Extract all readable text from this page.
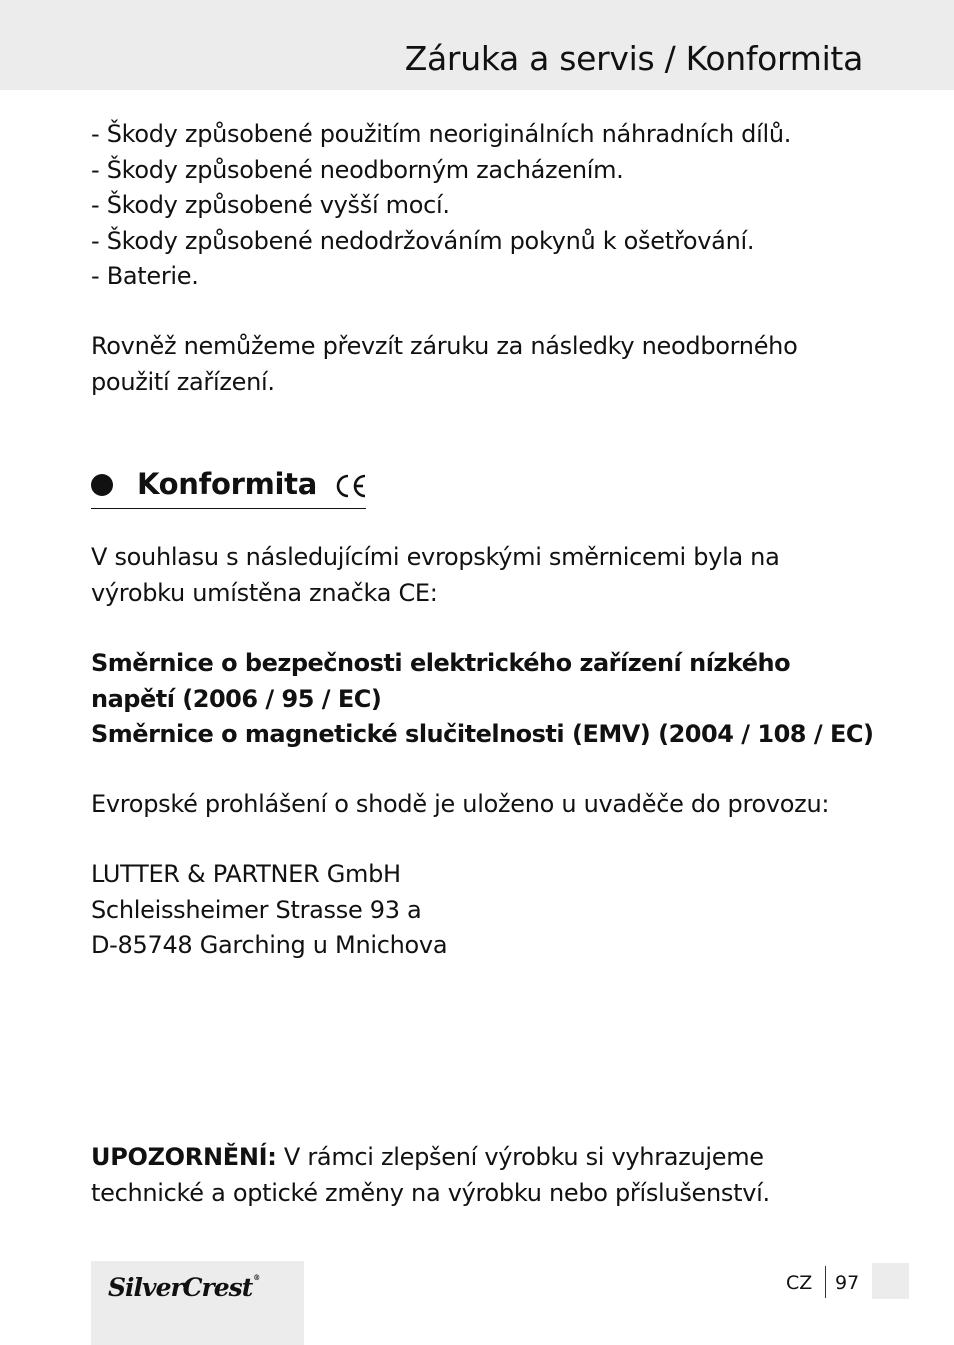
Záruka a servis / Konformita
- Škody způsobené použitím neoriginálních náhradních dílů.
- Škody způsobené neodborným zacházením.
- Škody způsobené vyšší mocí.
- Škody způsobené nedodržováním pokynů k ošetřování.
- Baterie.
Rovněž nemůžeme převzít záruku za následky neodborného použití zařízení.
Konformita
V souhlasu s následujícími evropskými směrnicemi byla na výrobku umístěna značka CE:
Směrnice o bezpečnosti elektrického zařízení nízkého
napětí (2006 / 95 / EC)
Směrnice o magnetické slučitelnosti (EMV) (2004 / 108 / EC)
Evropské prohlášení o shodě je uloženo u uvaděče do provozu:
LUTTER & PARTNER GmbH
Schleissheimer Strasse 93 a
D-85748 Garching u Mnichova
UPOZORNĚNÍ: V rámci zlepšení výrobku si vyhrazujeme technické a optické změny na výrobku nebo příslušenství.
SilverCrest®	CZ 97
